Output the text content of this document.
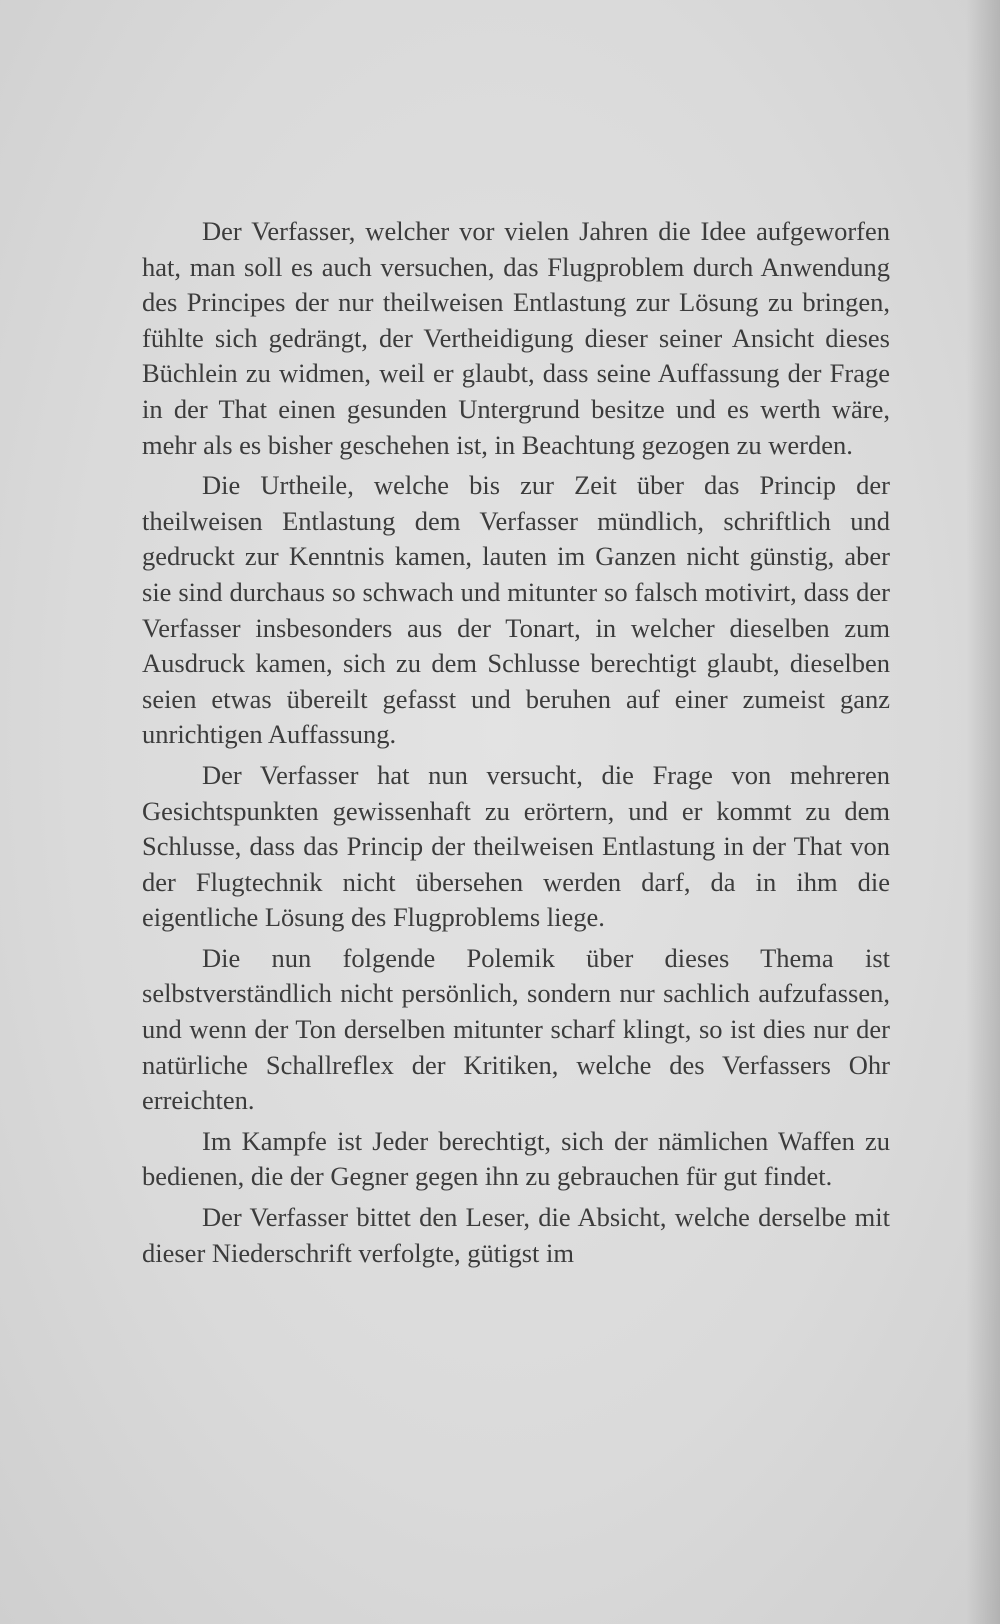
Der Verfasser, welcher vor vielen Jahren die Idee aufgeworfen hat, man soll es auch versuchen, das Flugproblem durch Anwendung des Principes der nur theilweisen Entlastung zur Lösung zu bringen, fühlte sich gedrängt, der Vertheidigung dieser seiner Ansicht dieses Büchlein zu widmen, weil er glaubt, dass seine Auffassung der Frage in der That einen gesunden Untergrund besitze und es werth wäre, mehr als es bisher geschehen ist, in Beachtung gezogen zu werden.

Die Urtheile, welche bis zur Zeit über das Princip der theilweisen Entlastung dem Verfasser mündlich, schriftlich und gedruckt zur Kenntnis kamen, lauten im Ganzen nicht günstig, aber sie sind durchaus so schwach und mitunter so falsch motivirt, dass der Verfasser insbesonders aus der Tonart, in welcher dieselben zum Ausdruck kamen, sich zu dem Schlusse berechtigt glaubt, dieselben seien etwas übereilt gefasst und beruhen auf einer zumeist ganz unrichtigen Auffassung.

Der Verfasser hat nun versucht, die Frage von mehreren Gesichtspunkten gewissenhaft zu erörtern, und er kommt zu dem Schlusse, dass das Princip der theilweisen Entlastung in der That von der Flugtechnik nicht übersehen werden darf, da in ihm die eigentliche Lösung des Flugproblems liege.

Die nun folgende Polemik über dieses Thema ist selbstverständlich nicht persönlich, sondern nur sachlich aufzufassen, und wenn der Ton derselben mitunter scharf klingt, so ist dies nur der natürliche Schallreflex der Kritiken, welche des Verfassers Ohr erreichten.

Im Kampfe ist Jeder berechtigt, sich der nämlichen Waffen zu bedienen, die der Gegner gegen ihn zu gebrauchen für gut findet.

Der Verfasser bittet den Leser, die Absicht, welche derselbe mit dieser Niederschrift verfolgte, gütigst im
